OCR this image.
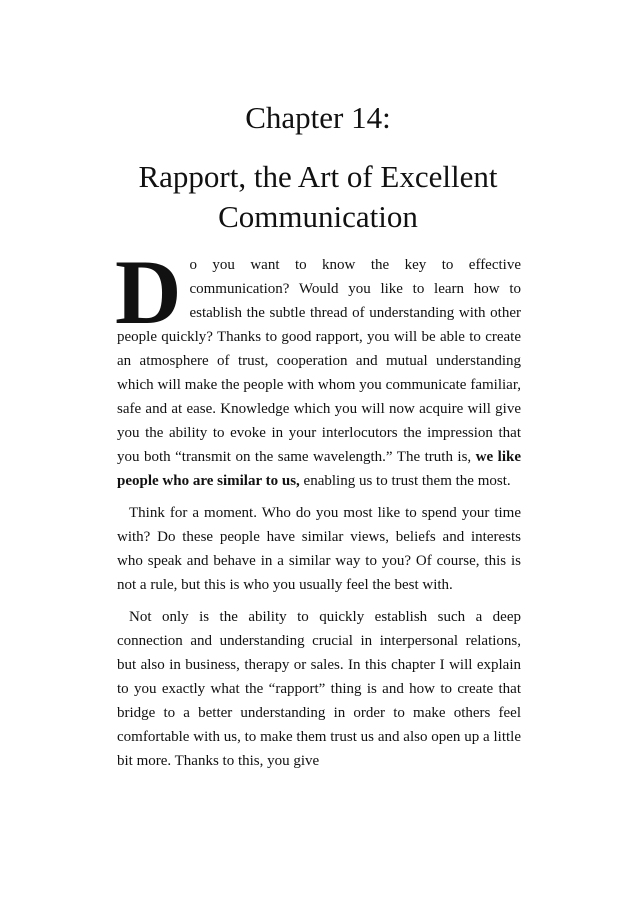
Chapter 14:
Rapport, the Art of Excellent
Communication

Do you want to know the key to effective communication? Would you like to learn how to establish the subtle thread of understanding with other people quickly? Thanks to good rapport, you will be able to create an atmosphere of trust, cooperation and mutual understanding which will make the people with whom you communicate familiar, safe and at ease. Knowledge which you will now acquire will give you the ability to evoke in your interlocutors the impression that you both “transmit on the same wavelength.” The truth is, we like people who are similar to us, enabling us to trust them the most.

Think for a moment. Who do you most like to spend your time with? Do these people have similar views, beliefs and interests who speak and behave in a similar way to you? Of course, this is not a rule, but this is who you usually feel the best with.

Not only is the ability to quickly establish such a deep connection and understanding crucial in interpersonal relations, but also in business, therapy or sales. In this chapter I will explain to you exactly what the “rapport” thing is and how to create that bridge to a better understanding in order to make others feel comfortable with us, to make them trust us and also open up a little bit more. Thanks to this, you give
